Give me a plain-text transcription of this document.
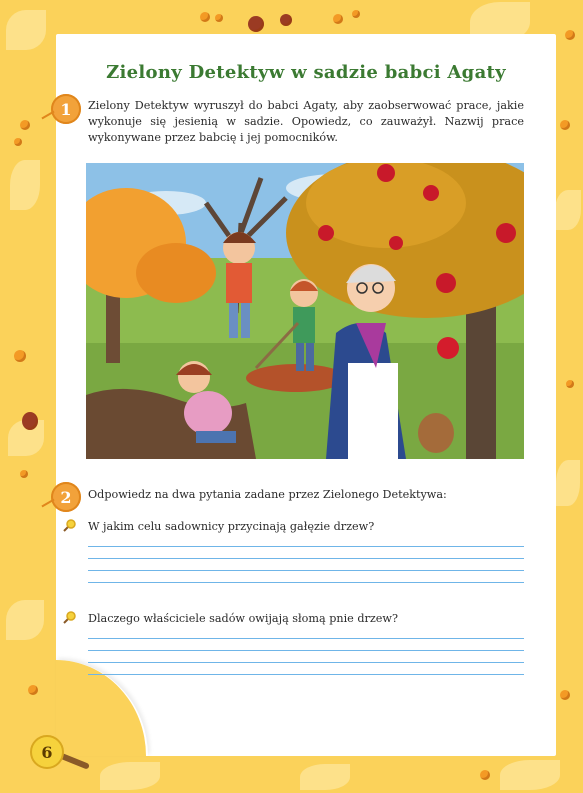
Zielony Detektyw w sadzie babci Agaty
1	Zielony Detektyw wyruszył do babci Agaty, aby zaobserwować prace, jakie wykonuje się jesienią w sadzie. Opowiedz, co zauważył. Nazwij prace wykonywane przez babcię i jej pomocników.
2	Odpowiedz na dwa pytania zadane przez Zielonego Detektywa:
W jakim celu sadownicy przycinają gałęzie drzew?
Dlaczego właściciele sadów owijają słomą pnie drzew?
6
